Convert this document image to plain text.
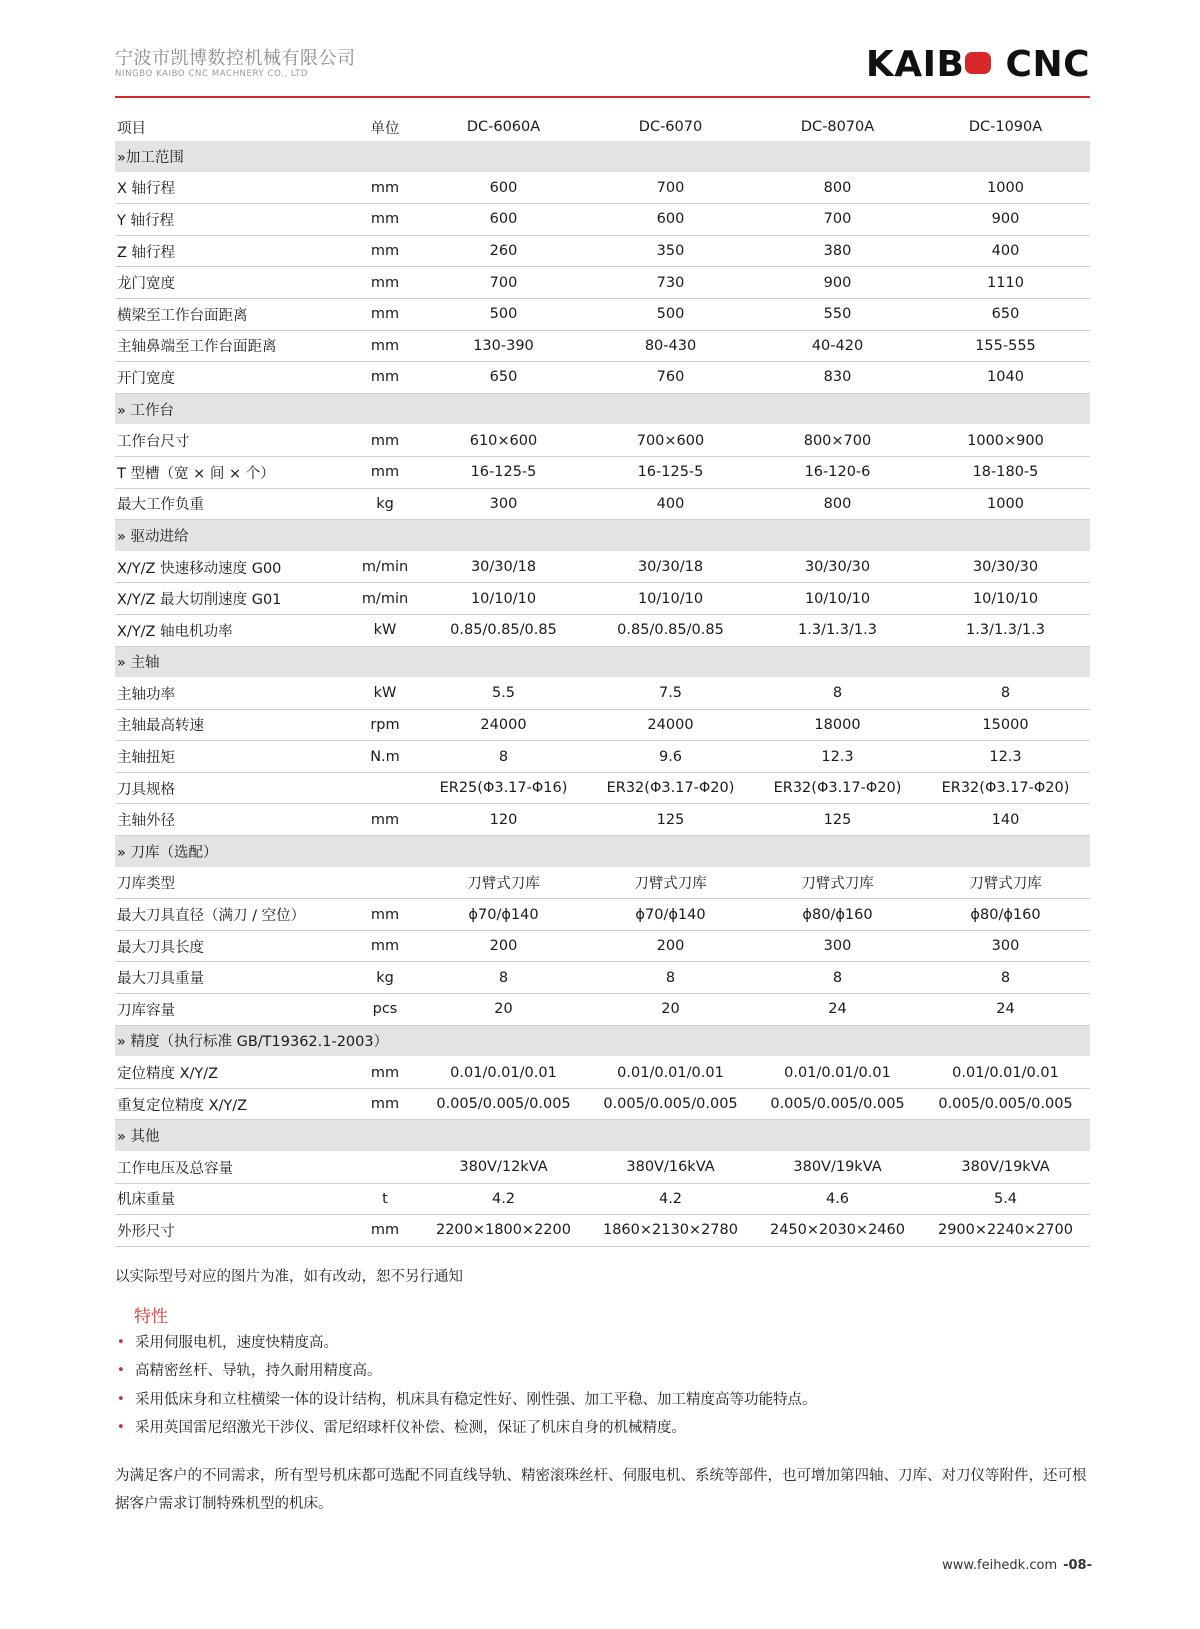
宁波市凯博数控机械有限公司
NINGBO KAIBO CNC MACHNERY CO., LTD	KAIB CNC
项目	单位	DC-6060A	DC-6070	DC-8070A	DC-1090A
»加工范围					
X 轴行程	mm	600	700	800	1000
Y 轴行程	mm	600	600	700	900
Z 轴行程	mm	260	350	380	400
龙门宽度	mm	700	730	900	1110
横梁至工作台面距离	mm	500	500	550	650
主轴鼻端至工作台面距离	mm	130-390	80-430	40-420	155-555
开门宽度	mm	650	760	830	1040
» 工作台					
工作台尺寸	mm	610×600	700×600	800×700	1000×900
T 型槽（宽 × 间 × 个）	mm	16-125-5	16-125-5	16-120-6	18-180-5
最大工作负重	kg	300	400	800	1000
» 驱动进给					
X/Y/Z 快速移动速度 G00	m/min	30/30/18	30/30/18	30/30/30	30/30/30
X/Y/Z 最大切削速度 G01	m/min	10/10/10	10/10/10	10/10/10	10/10/10
X/Y/Z 轴电机功率	kW	0.85/0.85/0.85	0.85/0.85/0.85	1.3/1.3/1.3	1.3/1.3/1.3
» 主轴					
主轴功率	kW	5.5	7.5	8	8
主轴最高转速	rpm	24000	24000	18000	15000
主轴扭矩	N.m	8	9.6	12.3	12.3
刀具规格		ER25(Φ3.17-Φ16)	ER32(Φ3.17-Φ20)	ER32(Φ3.17-Φ20)	ER32(Φ3.17-Φ20)
主轴外径	mm	120	125	125	140
» 刀库（选配）					
刀库类型		刀臂式刀库	刀臂式刀库	刀臂式刀库	刀臂式刀库
最大刀具直径（满刀 / 空位）	mm	ϕ70/ϕ140	ϕ70/ϕ140	ϕ80/ϕ160	ϕ80/ϕ160
最大刀具长度	mm	200	200	300	300
最大刀具重量	kg	8	8	8	8
刀库容量	pcs	20	20	24	24
» 精度（执行标准 GB/T19362.1-2003）					
定位精度 X/Y/Z	mm	0.01/0.01/0.01	0.01/0.01/0.01	0.01/0.01/0.01	0.01/0.01/0.01
重复定位精度 X/Y/Z	mm	0.005/0.005/0.005	0.005/0.005/0.005	0.005/0.005/0.005	0.005/0.005/0.005
» 其他					
工作电压及总容量		380V/12kVA	380V/16kVA	380V/19kVA	380V/19kVA
机床重量	t	4.2	4.2	4.6	5.4
外形尺寸	mm	2200×1800×2200	1860×2130×2780	2450×2030×2460	2900×2240×2700
以实际型号对应的图片为准，如有改动，恕不另行通知
特性
• 采用伺服电机，速度快精度高。
• 高精密丝杆、导轨，持久耐用精度高。
• 采用低床身和立柱横梁一体的设计结构，机床具有稳定性好、刚性强、加工平稳、加工精度高等功能特点。
• 采用英国雷尼绍激光干涉仪、雷尼绍球杆仪补偿、检测，保证了机床自身的机械精度。
为满足客户的不同需求，所有型号机床都可选配不同直线导轨、精密滚珠丝杆、伺服电机、系统等部件，也可增加第四轴、刀库、对刀仪等附件，还可根据客户需求订制特殊机型的机床。
www.feihedk.com -08-
